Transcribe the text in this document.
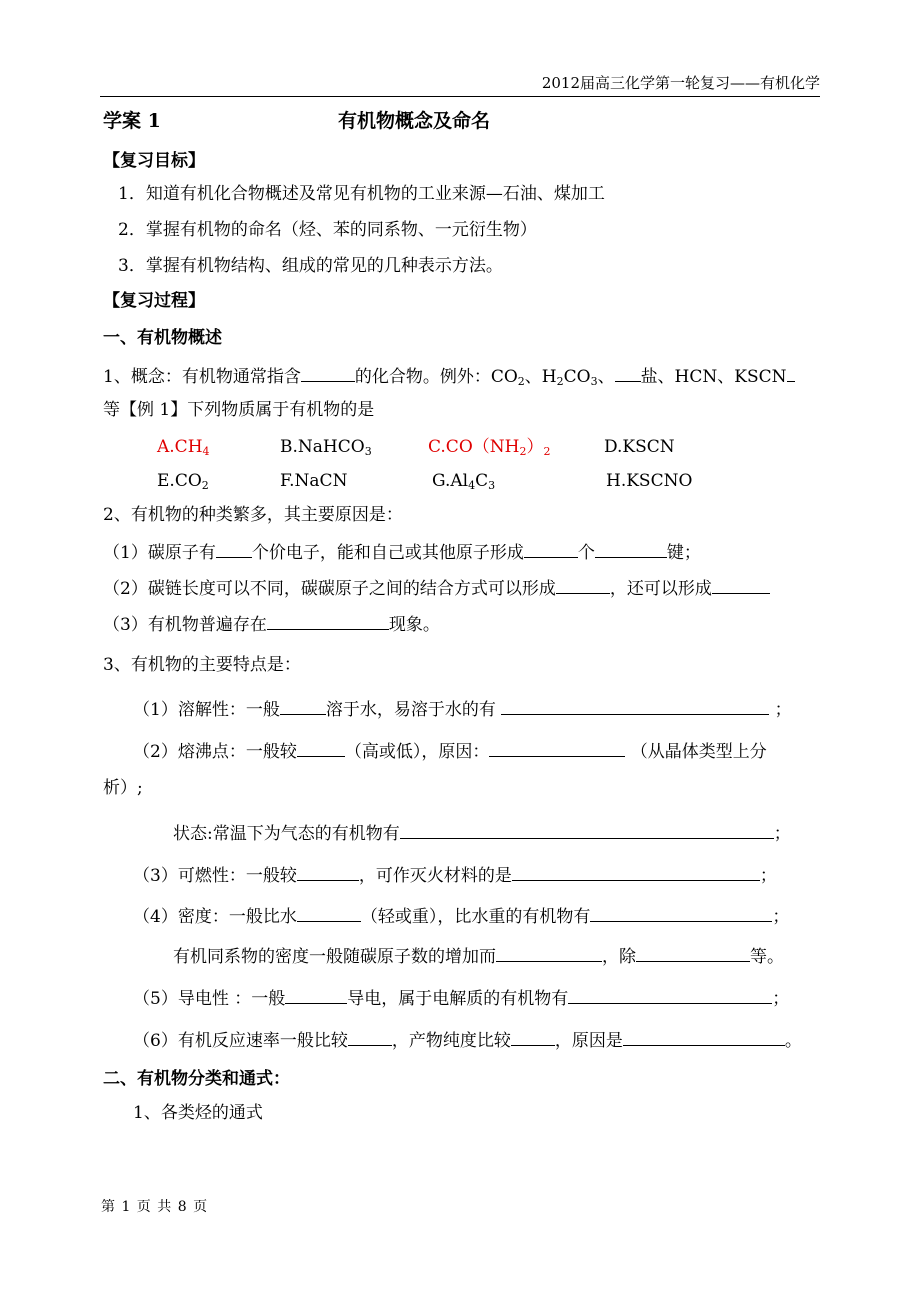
2012届高三化学第一轮复习——有机化学
学案 1	有机物概念及命名
【复习目标】
1．知道有机化合物概述及常见有机物的工业来源—石油、煤加工
2．掌握有机物的命名（烃、苯的同系物、一元衍生物）
3．掌握有机物结构、组成的常见的几种表示方法。
【复习过程】
一、有机物概述
1、概念：有机物通常指含	的化合物。例外：$CO_2$、$H_2CO_3$、 盐、HCN、KSCN
等【例 1】下列物质属于有机物的是
$A.CH_4$	B.NaHCO$_3$	$C.CO(NH_2)_2$	D.KSCN
$E.CO_2$	F.NaCN	$G.Al_4C_3$	H.KSCNO
2、有机物的种类繁多，其主要原因是：
（1）碳原子有 个价电子，能和自己或其他原子形成	个	键；
（2）碳链长度可以不同，碳碳原子之间的结合方式可以形成	，还可以形成
（3）有机物普遍存在	现象。
3、有机物的主要特点是：
（1）溶解性：一般	溶于水，易溶于水的有	；
（2）熔沸点：一般较	（高或低），原因：	（从晶体类型上分
析）;
状态:常温下为气态的有机物有	；
（3）可燃性：一般较	，可作灭火材料的是	；
（4）密度：一般比水	（轻或重），比水重的有机物有	；
有机同系物的密度一般随碳原子数的增加而	，除	等。
（5）导电性 ：一般	导电，属于电解质的有机物有	；
（6）有机反应速率一般比较	，产物纯度比较	，原因是	。
二、有机物分类和通式：
1、各类烃的通式
第 1 页 共 8 页
